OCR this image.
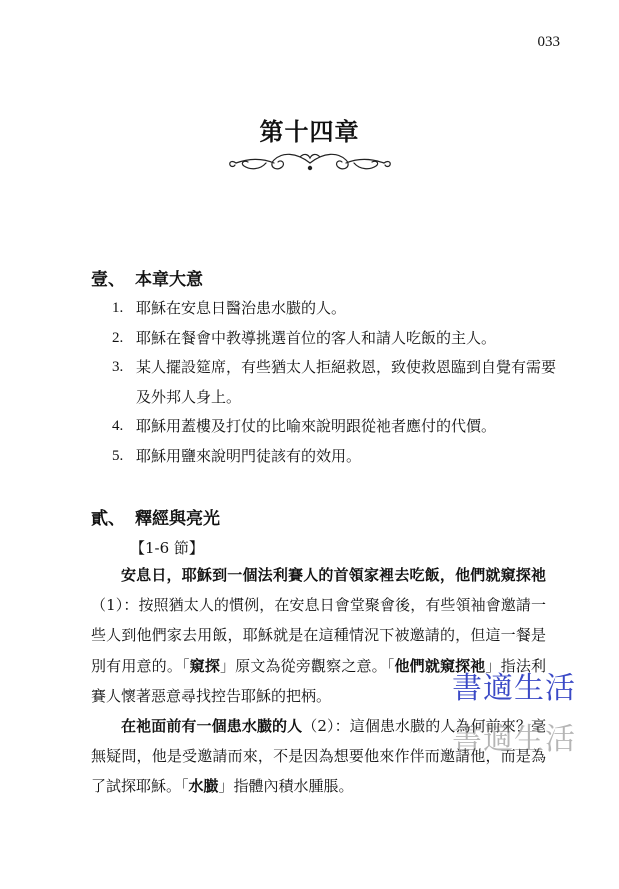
033
第十四章
壹、 本章大意
1. 耶穌在安息日醫治患水臌的人。
2. 耶穌在餐會中教導挑選首位的客人和請人吃飯的主人。
3. 某人擺設筵席，有些猶太人拒絕救恩，致使救恩臨到自覺有需要及外邦人身上。
4. 耶穌用蓋樓及打仗的比喻來說明跟從祂者應付的代價。
5. 耶穌用鹽來說明門徒該有的效用。
貳、 釋經與亮光
【1-6 節】

安息日，耶穌到一個法利賽人的首領家裡去吃飯，他們就窺探祂（1）：按照猶太人的慣例，在安息日會堂聚會後，有些領袖會邀請一些人到他們家去用飯，耶穌就是在這種情況下被邀請的，但這一餐是別有用意的。「窺探」原文為從旁觀察之意。「他們就窺探祂」指法利賽人懷著惡意尋找控告耶穌的把柄。

在祂面前有一個患水臌的人（2）：這個患水臌的人為何前來？毫無疑問，他是受邀請而來，不是因為想要他來作伴而邀請他，而是為了試探耶穌。「水臌」指體內積水腫脹。

書適生活
書適生活
